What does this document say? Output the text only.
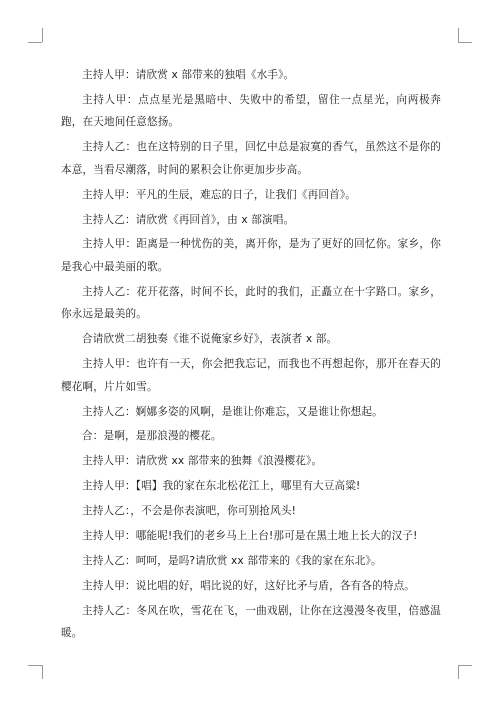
主持人甲：请欣赏 x 部带来的独唱《水手》。

主持人甲：点点星光是黑暗中、失败中的希望，留住一点星光，向两极奔跑，在天地间任意悠扬。

主持人乙：也在这特别的日子里，回忆中总是寂寞的香气，虽然这不是你的本意，当看尽潮落，时间的累积会让你更加步步高。

主持人甲：平凡的生辰，难忘的日子，让我们《再回首》。

主持人乙：请欣赏《再回首》，由 x 部演唱。

主持人甲：距离是一种忧伤的美，离开你，是为了更好的回忆你。家乡，你是我心中最美丽的歌。

主持人乙：花开花落，时间不长，此时的我们，正矗立在十字路口。家乡，你永远是最美的。

合请欣赏二胡独奏《谁不说俺家乡好》，表演者 x 部。

主持人甲：也许有一天，你会把我忘记，而我也不再想起你，那开在春天的樱花啊，片片如雪。

主持人乙：婀娜多姿的风啊，是谁让你难忘，又是谁让你想起。

合：是啊，是那浪漫的樱花。

主持人甲：请欣赏 xx 部带来的独舞《浪漫樱花》。

主持人甲：【唱】我的家在东北松花江上，哪里有大豆高粱!

主持人乙：，不会是你表演吧，你可别抢风头!

主持人甲：哪能呢!我们的老乡马上上台!那可是在黑土地上长大的汉子!

主持人乙：呵呵，是吗?请欣赏 xx 部带来的《我的家在东北》。

主持人甲：说比唱的好，唱比说的好，这好比矛与盾，各有各的特点。

主持人乙：冬风在吹，雪花在飞，一曲戏剧，让你在这漫漫冬夜里，倍感温暖。
